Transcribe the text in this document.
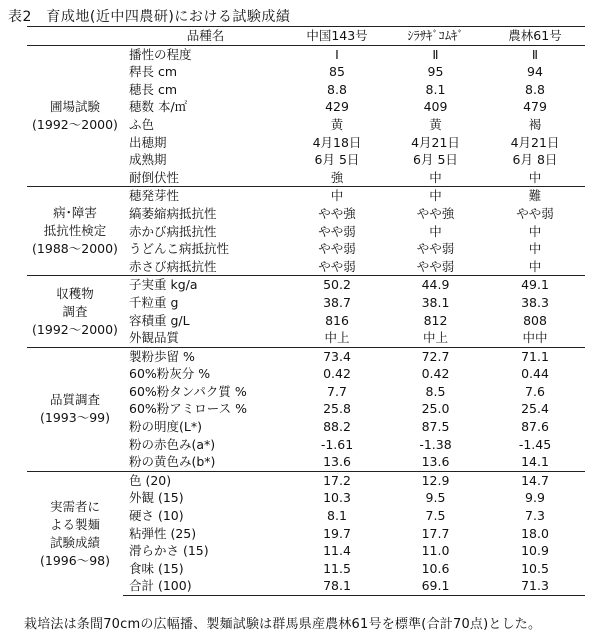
表2　育成地(近中四農研)における試験成績
	品種名	中国143号	ｼﾗｻｷﾞｺﾑｷﾞ	農林61号

圃場試験
(1992～2000)	播性の程度	Ⅰ	Ⅱ	Ⅱ
	稈長 cm	85	95	94
	穂長 cm	8.8	8.1	8.8
	穂数 本/㎡	429	409	479
	ふ色	黄	黄	褐
	出穂期	4月18日	4月21日	4月21日
	成熟期	6月 5日	6月 5日	6月 8日
	耐倒伏性	強	中	中

病･障害
抵抗性検定
(1988～2000)	穂発芽性	中	中	難
	縞萎縮病抵抗性	やや強	やや強	やや弱
	赤かび病抵抗性	やや弱	中	中
	うどんこ病抵抗性	やや弱	やや弱	中
	赤さび病抵抗性	やや弱	やや弱	中

収穫物
調査
(1992～2000)	子実重 kg/a	50.2	44.9	49.1
	千粒重 g	38.7	38.1	38.3
	容積重 g/L	816	812	808
	外観品質	中上	中上	中中

品質調査
(1993～99)	製粉歩留 %	73.4	72.7	71.1
	60%粉灰分 %	0.42	0.42	0.44
	60%粉タンパク質 %	7.7	8.5	7.6
	60%粉アミロース %	25.8	25.0	25.4
	粉の明度(L*)	88.2	87.5	87.6
	粉の赤色み(a*)	-1.61	-1.38	-1.45
	粉の黄色み(b*)	13.6	13.6	14.1

実需者に
よる製麺
試験成績
(1996～98)	色 (20)	17.2	12.9	14.7
	外観 (15)	10.3	9.5	9.9
	硬さ (10)	8.1	7.5	7.3
	粘弾性 (25)	19.7	17.7	18.0
	滑らかさ (15)	11.4	11.0	10.9
	食味 (15)	11.5	10.6	10.5
	合計 (100)	78.1	69.1	71.3
栽培法は条間70cmの広幅播、製麺試験は群馬県産農林61号を標準(合計70点)とした。
